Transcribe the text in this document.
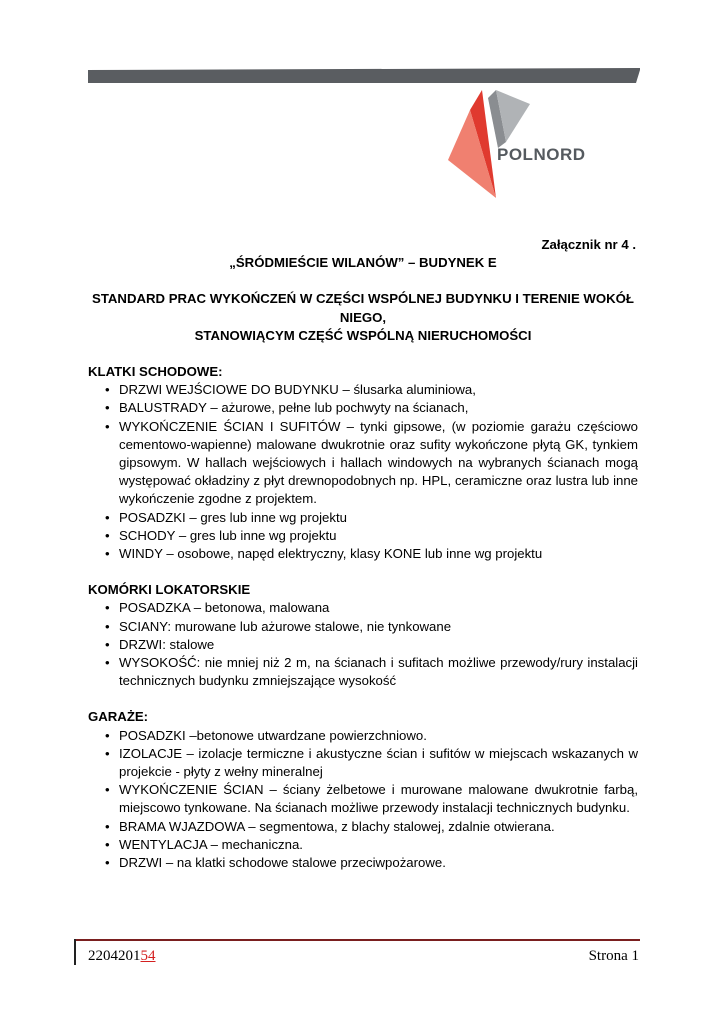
POLNORD
Załącznik nr 4 .
„ŚRÓDMIEŚCIE WILANÓW” – BUDYNEK E
STANDARD PRAC WYKOŃCZEŃ W CZĘŚCI WSPÓLNEJ BUDYNKU I TERENIE WOKÓŁ NIEGO,
STANOWIĄCYM CZĘŚĆ WSPÓLNĄ NIERUCHOMOŚCI
KLATKI SCHODOWE:
• DRZWI WEJŚCIOWE DO BUDYNKU – ślusarka aluminiowa,
• BALUSTRADY – ażurowe, pełne lub pochwyty na ścianach,
• WYKOŃCZENIE ŚCIAN I SUFITÓW – tynki gipsowe, (w poziomie garażu częściowo cementowo-wapienne) malowane dwukrotnie oraz sufity wykończone płytą GK, tynkiem gipsowym. W hallach wejściowych i hallach windowych na wybranych ścianach mogą występować okładziny z płyt drewnopodobnych np. HPL, ceramiczne oraz lustra lub inne wykończenie zgodne z projektem.
• POSADZKI – gres lub inne wg projektu
• SCHODY – gres lub inne wg projektu
• WINDY – osobowe, napęd elektryczny, klasy KONE lub inne wg projektu
KOMÓRKI LOKATORSKIE
• POSADZKA – betonowa, malowana
• SCIANY: murowane lub ażurowe stalowe, nie tynkowane
• DRZWI: stalowe
• WYSOKOŚĆ: nie mniej niż 2 m, na ścianach i sufitach możliwe przewody/rury instalacji technicznych budynku zmniejszające wysokość
GARAŻE:
• POSADZKI –betonowe utwardzane powierzchniowo.
• IZOLACJE – izolacje termiczne i akustyczne ścian i sufitów w miejscach wskazanych w projekcie - płyty z wełny mineralnej
• WYKOŃCZENIE ŚCIAN – ściany żelbetowe i murowane malowane dwukrotnie farbą, miejscowo tynkowane. Na ścianach możliwe przewody instalacji technicznych budynku.
• BRAMA WJAZDOWA – segmentowa, z blachy stalowej, zdalnie otwierana.
• WENTYLACJA – mechaniczna.
• DRZWI – na klatki schodowe stalowe przeciwpożarowe.
220420154	Strona 1
